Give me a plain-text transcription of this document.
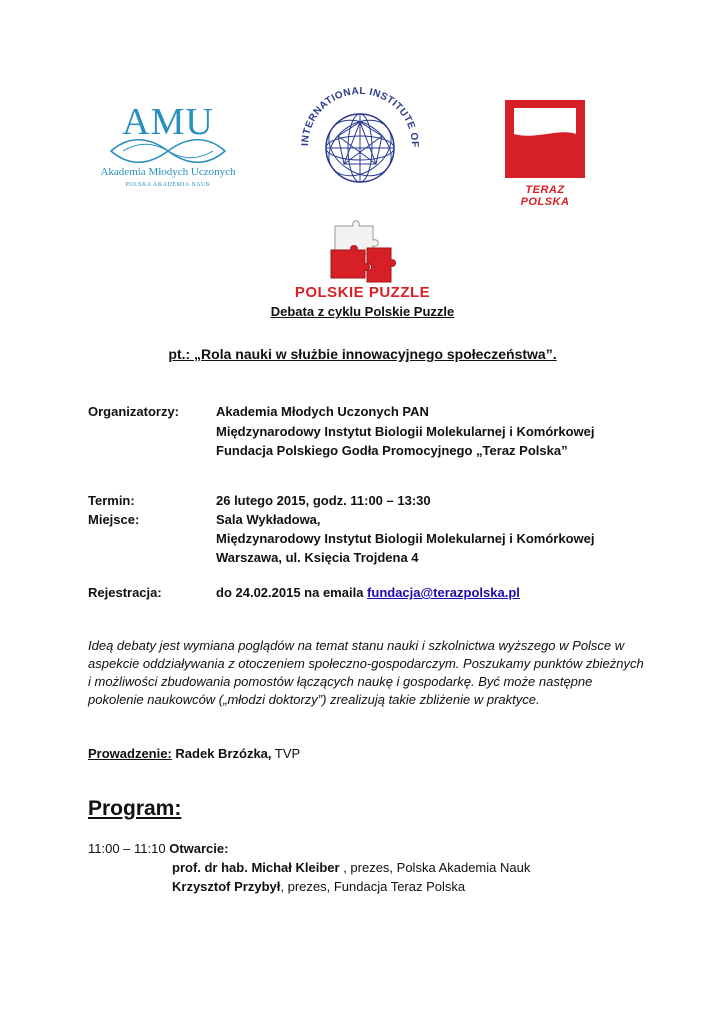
AMU
Akademia Młodych Uczonych
POLSKA AKADEMIA NAUK
INTERNATIONAL INSTITUTE OF
TERAZ POLSKA
POLSKIE PUZZLE
Debata z cyklu Polskie Puzzle
pt.: „Rola nauki w służbie innowacyjnego społeczeństwa”.
Organizatorzy:	Akademia Młodych Uczonych PAN
Międzynarodowy Instytut Biologii Molekularnej i Komórkowej
Fundacja Polskiego Godła Promocyjnego „Teraz Polska”
Termin:	26 lutego 2015, godz. 11:00 – 13:30
Miejsce:	Sala Wykładowa,
Międzynarodowy Instytut Biologii Molekularnej i Komórkowej
Warszawa, ul. Księcia Trojdena 4
Rejestracja:	do 24.02.2015 na emaila fundacja@terazpolska.pl
Ideą debaty jest wymiana poglądów na temat stanu nauki i szkolnictwa wyższego w Polsce w aspekcie oddziaływania z otoczeniem społeczno-gospodarczym. Poszukamy punktów zbieżnych i możliwości zbudowania pomostów łączących naukę i gospodarkę. Być może następne pokolenie naukowców („młodzi doktorzy”) zrealizują takie zbliżenie w praktyce.
Prowadzenie: Radek Brzózka, TVP
Program:
11:00 – 11:10 Otwarcie:
prof. dr hab. Michał Kleiber , prezes, Polska Akademia Nauk
Krzysztof Przybył, prezes, Fundacja Teraz Polska
